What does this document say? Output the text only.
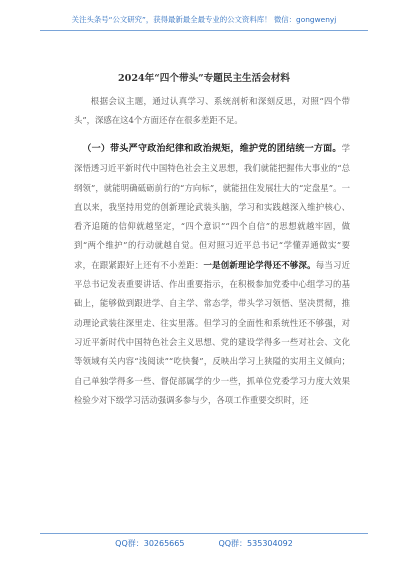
关注头条号“公文研究”，获得最新最全最专业的公文资料库！ 微信：gongwenyj
2024年“四个带头”专题民主生活会材料

根据会议主题，通过认真学习、系统剖析和深刻反思，对照“四个带头”，深感在这4个方面还存在很多差距不足。

（一）带头严守政治纪律和政治规矩，维护党的团结统一方面。学深悟透习近平新时代中国特色社会主义思想，我们就能把握伟大事业的“总纲领”，就能明确砥砺前行的“方向标”，就能扭住发展壮大的“定盘星”。一直以来，我坚持用党的创新理论武装头脑，学习和实践越深入维护核心、看齐追随的信仰就越坚定，“四个意识”“四个自信”的思想就越牢固，做到“两个维护”的行动就越自觉。但对照习近平总书记“学懂弄通做实”要求，在跟紧跟好上还有不小差距：一是创新理论学得还不够深。每当习近平总书记发表重要讲话、作出重要指示，在积极参加党委中心组学习的基础上，能够做到跟进学、自主学、常态学，带头学习领悟、坚决贯彻，推动理论武装往深里走、往实里落。但学习的全面性和系统性还不够强，对习近平新时代中国特色社会主义思想、党的建设学得多一些对社会、文化等领域有关内容“浅阅读”“吃快餐”，反映出学习上狭隘的实用主义倾向；自己单独学得多一些、督促部属学的少一些，抓单位党委学习力度大效果检验少对下级学习活动强调多参与少，各项工作重要交织时，还

QQ群：30265665	QQ群：535304092
